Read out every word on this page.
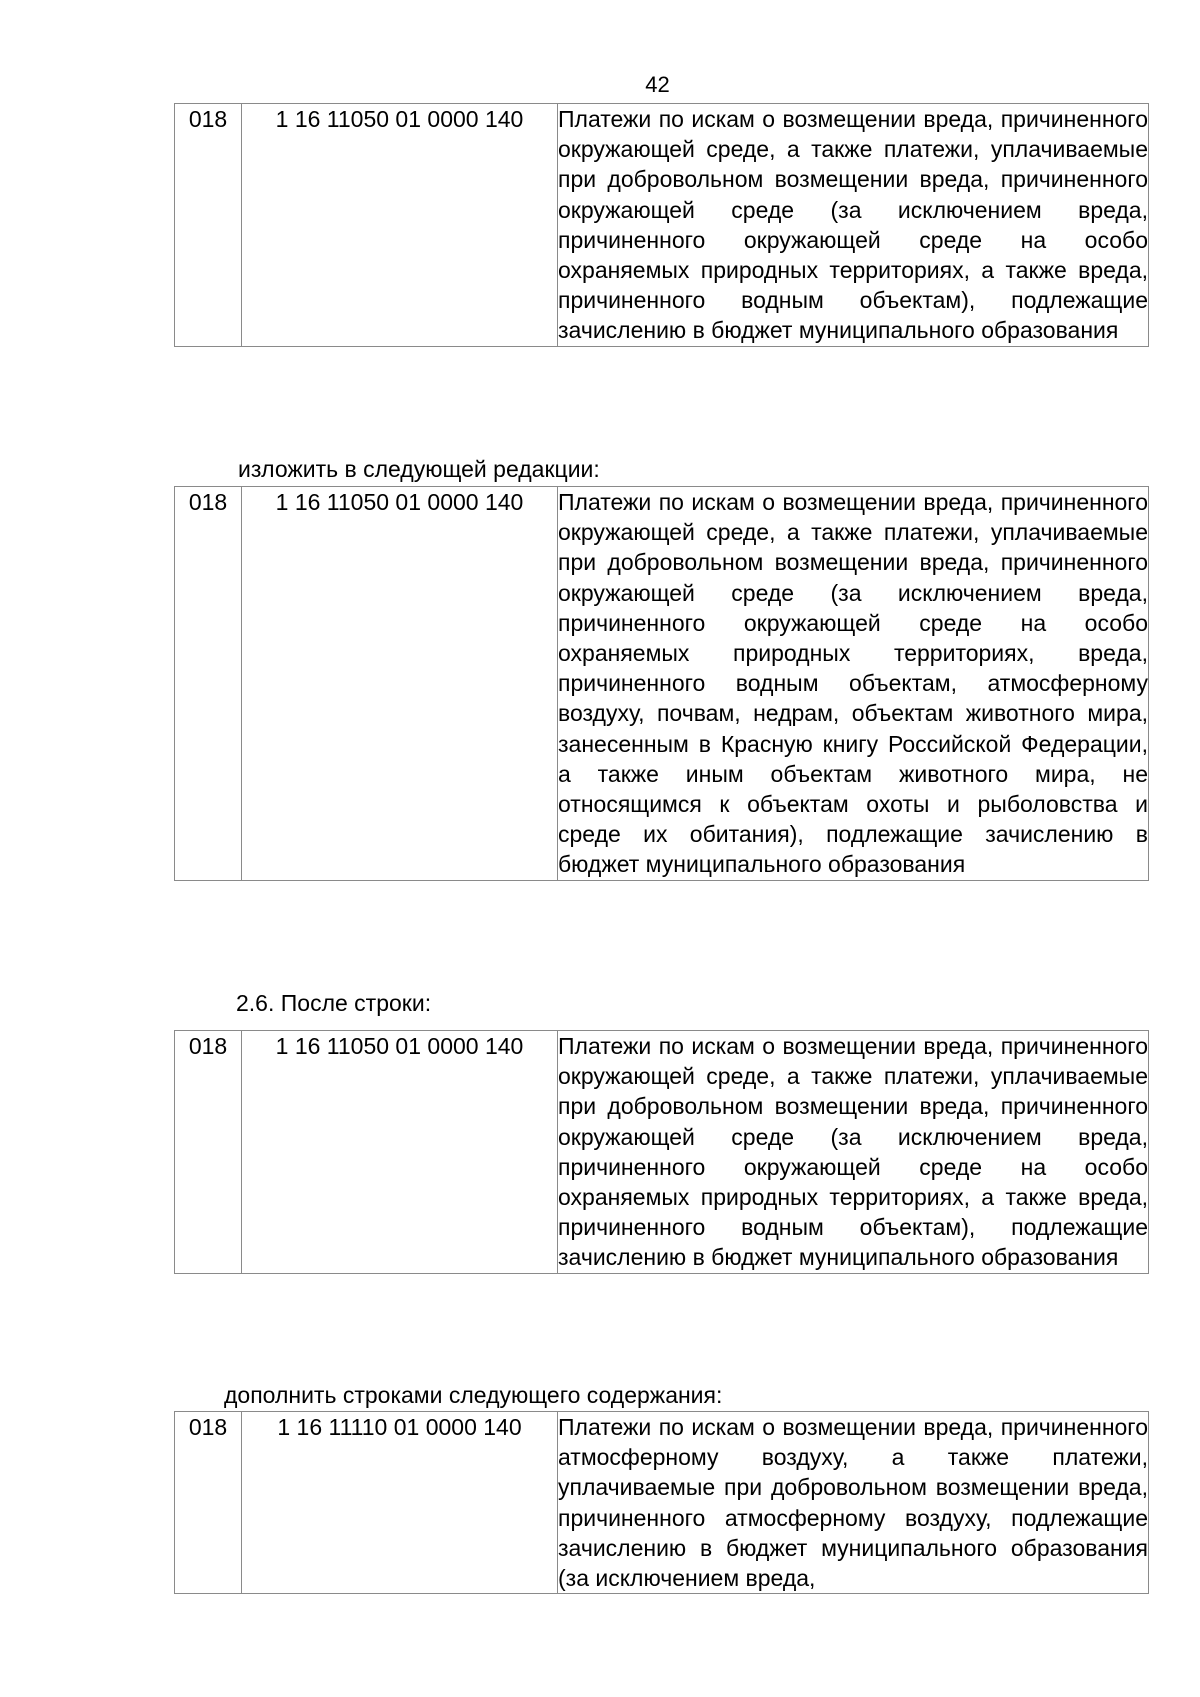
42
018	1 16 11050 01 0000 140	Платежи по искам о возмещении вреда, причиненного окружающей среде, а также платежи, уплачиваемые при добровольном возмещении вреда, причиненного окружающей среде (за исключением вреда, причиненного окружающей среде на особо охраняемых природных территориях, а также вреда, причиненного водным объектам), подлежащие зачислению в бюджет муниципального образования
изложить в следующей редакции:
018	1 16 11050 01 0000 140	Платежи по искам о возмещении вреда, причиненного окружающей среде, а также платежи, уплачиваемые при добровольном возмещении вреда, причиненного окружающей среде (за исключением вреда, причиненного окружающей среде на особо охраняемых природных территориях, вреда, причиненного водным объектам, атмосферному воздуху, почвам, недрам, объектам животного мира, занесенным в Красную книгу Российской Федерации, а также иным объектам животного мира, не относящимся к объектам охоты и рыболовства и среде их обитания), подлежащие зачислению в бюджет муниципального образования
2.6. После строки:
018	1 16 11050 01 0000 140	Платежи по искам о возмещении вреда, причиненного окружающей среде, а также платежи, уплачиваемые при добровольном возмещении вреда, причиненного окружающей среде (за исключением вреда, причиненного окружающей среде на особо охраняемых природных территориях, а также вреда, причиненного водным объектам), подлежащие зачислению в бюджет муниципального образования
дополнить строками следующего содержания:
018	1 16 11110 01 0000 140	Платежи по искам о возмещении вреда, причиненного атмосферному воздуху, а также платежи, уплачиваемые при добровольном возмещении вреда, причиненного атмосферному воздуху, подлежащие зачислению в бюджет муниципального образования (за исключением вреда,
